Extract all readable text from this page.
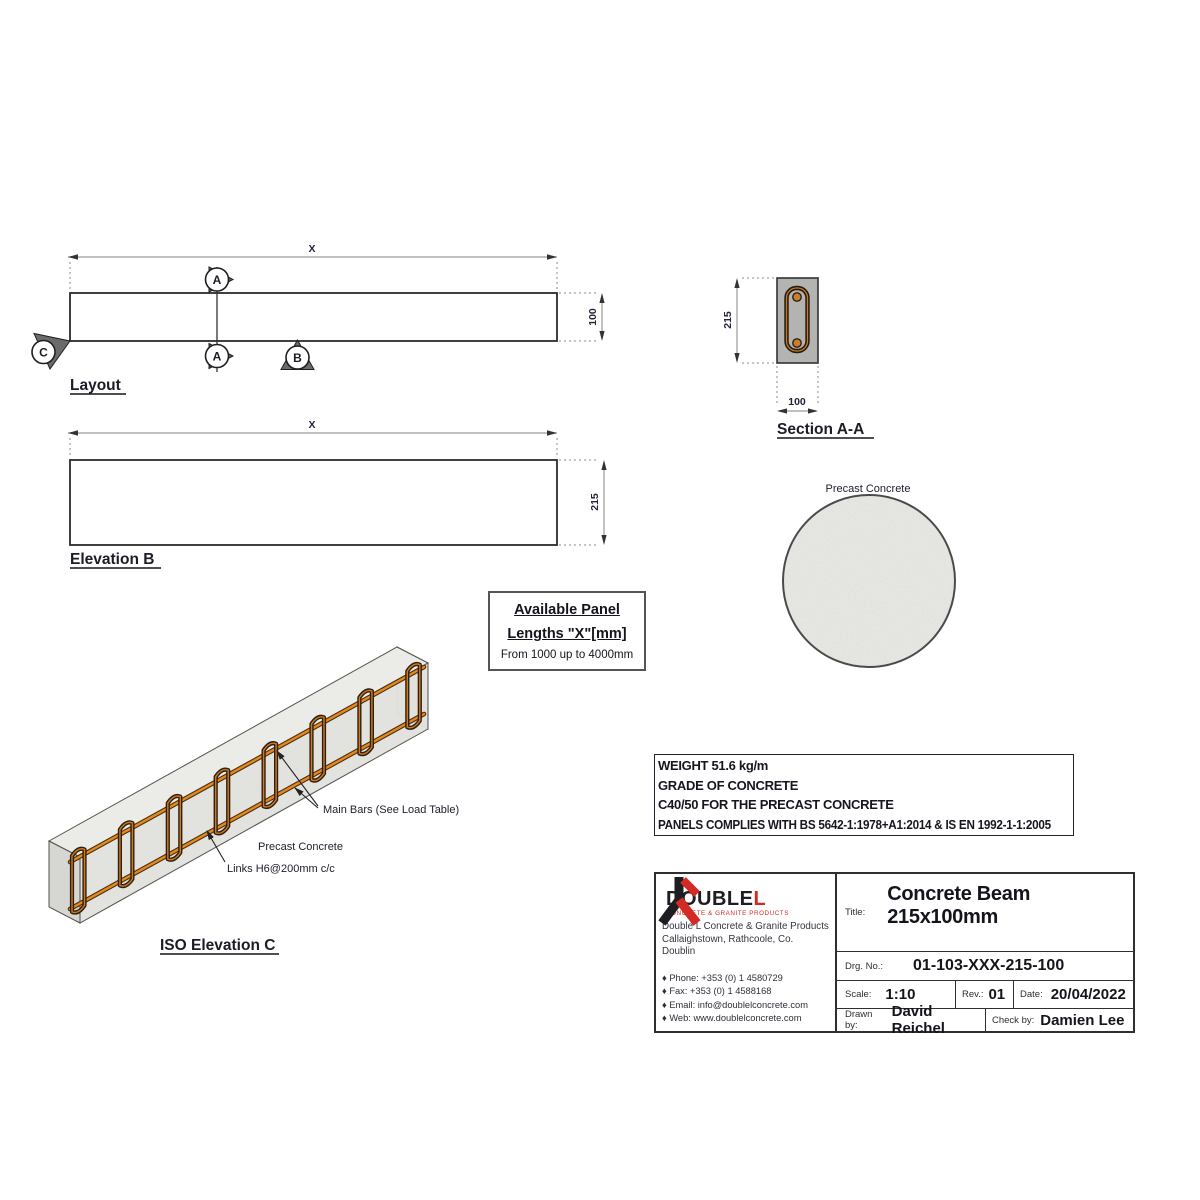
X
100
A
A	B
C
Layout
X
215
Elevation B
215
100
Section A-A
Precast Concrete
Main Bars (See Load Table)
Precast Concrete
Links H6@200mm c/c
ISO Elevation C
Available Panel
Lengths "X"[mm]
From 1000 up to 4000mm
WEIGHT 51.6 kg/m
GRADE OF CONCRETE
C40/50 FOR THE PRECAST CONCRETE
PANELS COMPLIES WITH BS 5642-1:1978+A1:2014 & IS EN 1992-1-1:2005
DOUBLEL
CONCRETE & GRANITE PRODUCTS
Double L Concrete & Granite Products
Callaighstown, Rathcoole, Co. Doublin
♦ Phone: +353 (0) 1 4580729
♦ Fax: +353 (0) 1 4588168
♦ Email: info@doublelconcrete.com
♦ Web: www.doublelconcrete.com
Title:
Concrete Beam 215x100mm
Drg. No.: 01-103-XXX-215-100
Scale: 1:10	Rev.: 01 Date: 20/04/2022
Drawn by:
David Reichel	Check by: Damien Lee
